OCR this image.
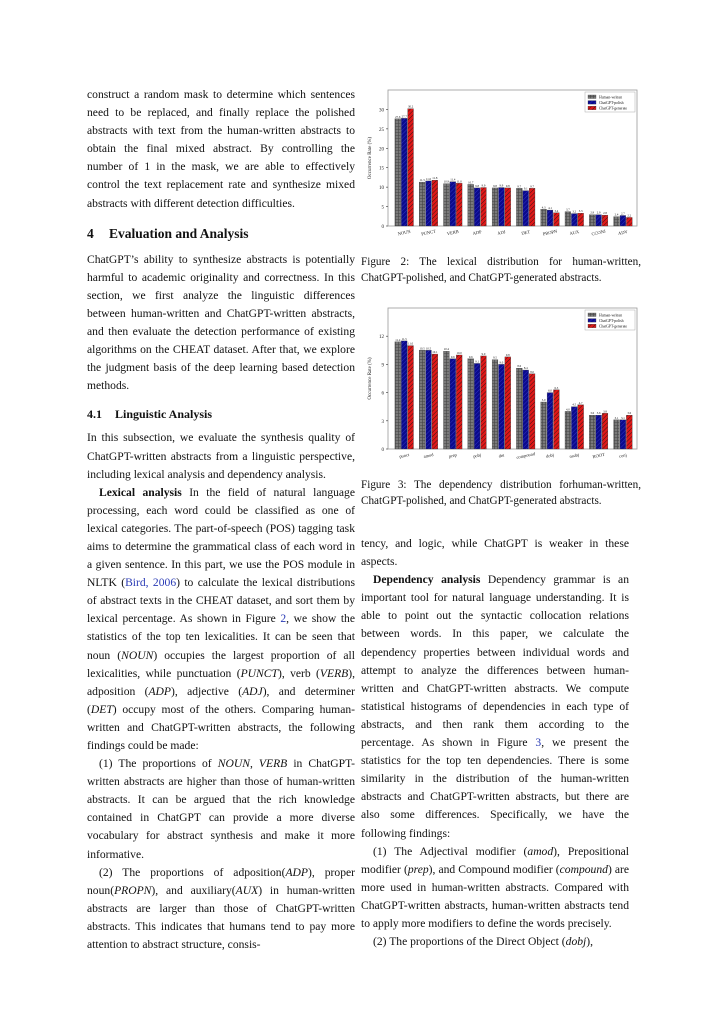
construct a random mask to determine which sentences need to be replaced, and finally replace the polished abstracts with text from the human-written abstracts to obtain the final mixed abstract. By controlling the number of 1 in the mask, we are able to effectively control the text replacement rate and synthesize mixed abstracts with different detection difficulties.

4 Evaluation and Analysis

ChatGPT’s ability to synthesize abstracts is potentially harmful to academic originality and correctness. In this section, we first analyze the linguistic differences between human-written and ChatGPT-written abstracts, and then evaluate the detection performance of existing algorithms on the CHEAT dataset. After that, we explore the judgment basis of the deep learning based detection methods.

4.1 Linguistic Analysis

In this subsection, we evaluate the synthesis quality of ChatGPT-written abstracts from a linguistic perspective, including lexical analysis and dependency analysis.

Lexical analysis In the field of natural language processing, each word could be classified as one of lexical categories. The part-of-speech (POS) tagging task aims to determine the grammatical class of each word in a given sentence. In this part, we use the POS module in NLTK (Bird, 2006) to calculate the lexical distributions of abstract texts in the CHEAT dataset, and sort them by lexical percentage. As shown in Figure 2, we show the statistics of the top ten lexicalities. It can be seen that noun (NOUN) occupies the largest proportion of all lexicalities, while punctuation (PUNCT), verb (VERB), adposition (ADP), adjective (ADJ), and determiner (DET) occupy most of the others. Comparing human-written and ChatGPT-written abstracts, the following findings could be made:

(1) The proportions of NOUN, VERB in ChatGPT-written abstracts are higher than those of human-written abstracts. It can be argued that the rich knowledge contained in ChatGPT can provide a more diverse vocabulary for abstract synthesis and make it more informative.

(2) The proportions of adposition(ADP), proper noun(PROPN), and auxiliary(AUX) in human-written abstracts are larger than those of ChatGPT-written abstracts. This indicates that humans tend to pay more attention to abstract structure, consis-

0
5
10
15
20
25
30
Occurrence Rate (%)
27.6 27.7
30.2
NOUN
11.3 11.6 11.8
PUNCT
10.9 11.4 11.0
VERB
10.7
9.8 9.9
ADP
9.8 9.9 9.8
ADJ
9.7
9.1
9.7
DET
4.3 4.1
3.4
PROPN
3.7 3.2 3.3
AUX
2.9 2.9 2.8
CCONJ
2.4 2.7 2.2
ADV
Human-written
ChatGPT-polish
ChatGPT-generate

Figure 2: The lexical distribution for human-written, ChatGPT-polished, and ChatGPT-generated abstracts.

0
3
6
9
12
Occurrence Rate (%)
11.4 11.5
11.0
punct
10.5 10.5
10.1
amod
10.4
9.6
10.0
prep
9.6
9.1
9.9
pobj
9.5
9.0
9.8
det
8.6 8.4
8.0
compound
5.0
6.0
6.3
dobj
4.0
4.5 4.7
nsubj
3.6 3.6 3.8
ROOT
3.1 3.1
3.6
conj
Human-written
ChatGPT-polish
ChatGPT-generate

Figure 3: The dependency distribution forhuman-written, ChatGPT-polished, and ChatGPT-generated abstracts.

tency, and logic, while ChatGPT is weaker in these aspects.

Dependency analysis Dependency grammar is an important tool for natural language understanding. It is able to point out the syntactic collocation relations between words. In this paper, we calculate the dependency properties between individual words and attempt to analyze the differences between human-written and ChatGPT-written abstracts. We compute statistical histograms of dependencies in each type of abstracts, and then rank them according to the percentage. As shown in Figure 3, we present the statistics for the top ten dependencies. There is some similarity in the distribution of the human-written abstracts and ChatGPT-written abstracts, but there are also some differences. Specifically, we have the following findings:

(1) The Adjectival modifier (amod), Prepositional modifier (prep), and Compound modifier (compound) are more used in human-written abstracts. Compared with ChatGPT-written abstracts, human-written abstracts tend to apply more modifiers to define the words precisely.

(2) The proportions of the Direct Object (dobj),
